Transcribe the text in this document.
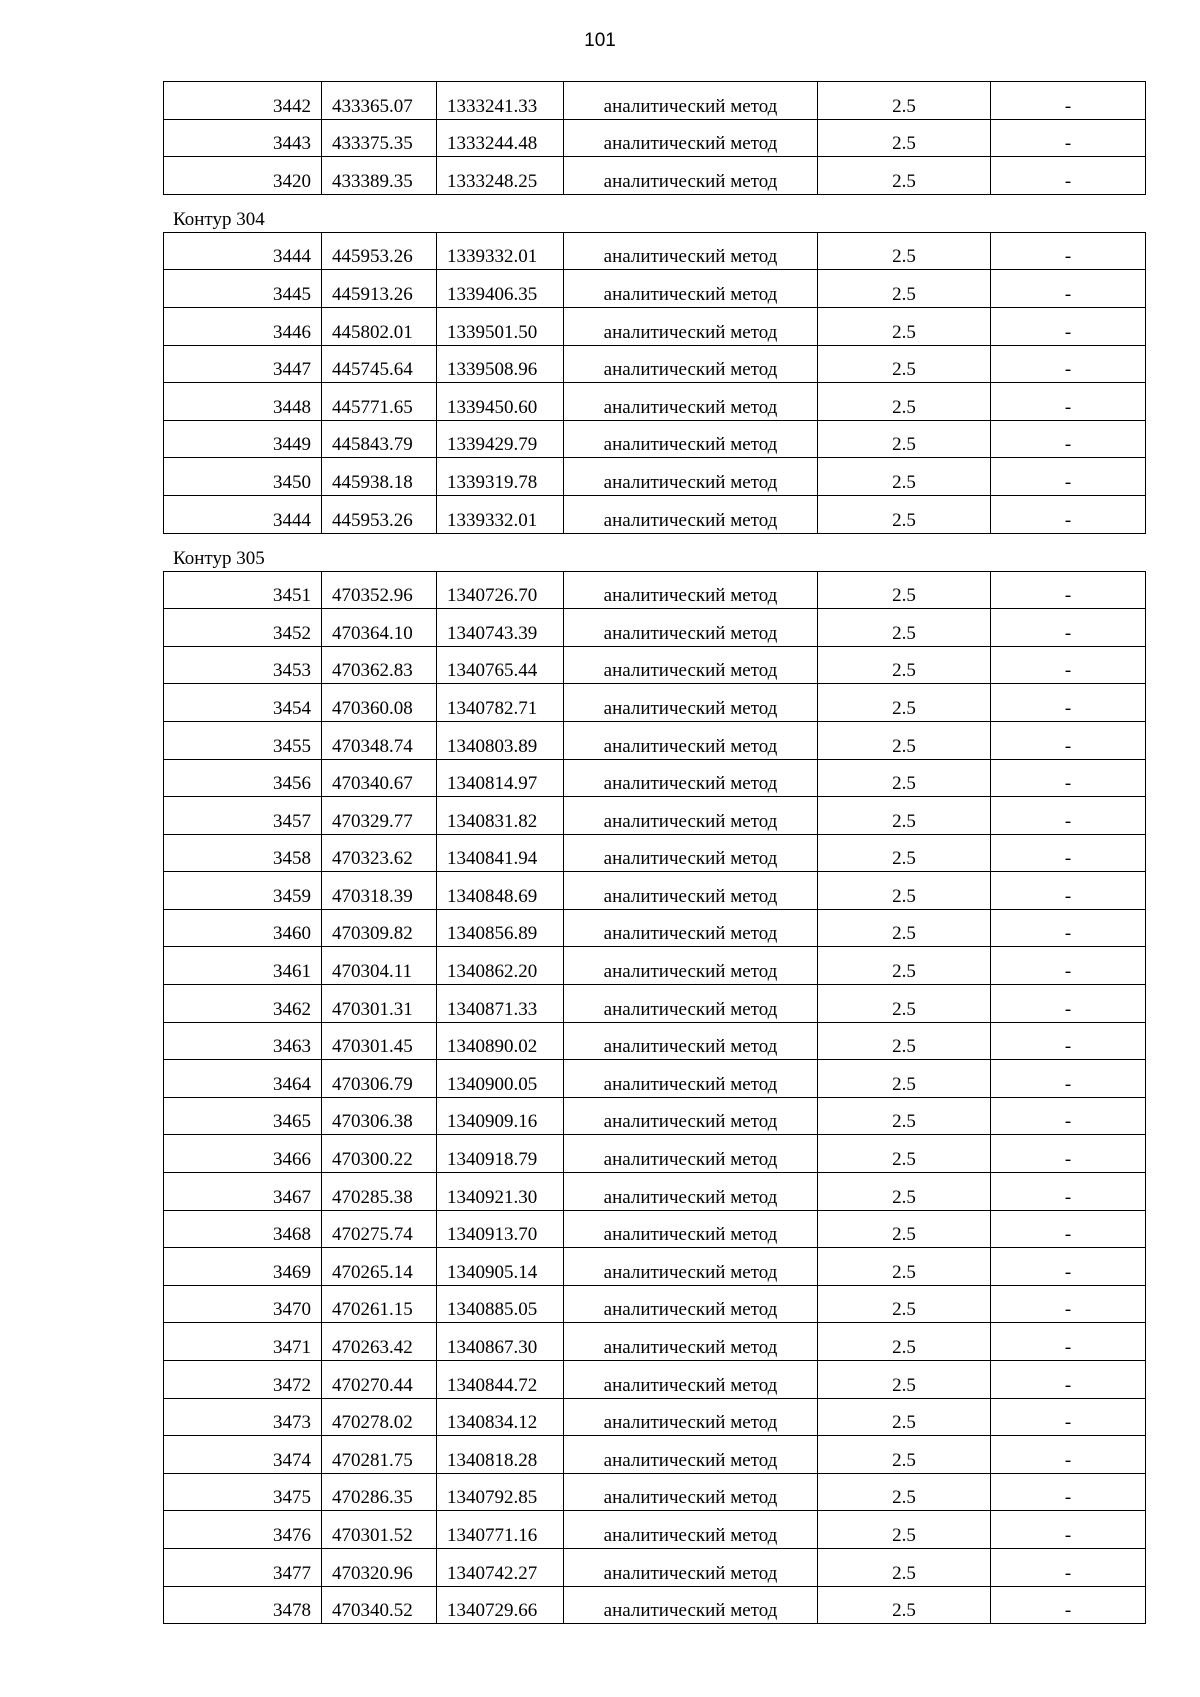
101
3442	433365.07	1333241.33	аналитический метод	2.5	-

3443	433375.35	1333244.48	аналитический метод	2.5	-

3420	433389.35	1333248.25	аналитический метод	2.5	-
Контур 304
3444	445953.26	1339332.01	аналитический метод	2.5	-

3445	445913.26	1339406.35	аналитический метод	2.5	-

3446	445802.01	1339501.50	аналитический метод	2.5	-

3447	445745.64	1339508.96	аналитический метод	2.5	-

3448	445771.65	1339450.60	аналитический метод	2.5	-

3449	445843.79	1339429.79	аналитический метод	2.5	-

3450	445938.18	1339319.78	аналитический метод	2.5	-

3444	445953.26	1339332.01	аналитический метод	2.5	-
Контур 305
3451	470352.96	1340726.70	аналитический метод	2.5	-

3452	470364.10	1340743.39	аналитический метод	2.5	-

3453	470362.83	1340765.44	аналитический метод	2.5	-

3454	470360.08	1340782.71	аналитический метод	2.5	-

3455	470348.74	1340803.89	аналитический метод	2.5	-

3456	470340.67	1340814.97	аналитический метод	2.5	-

3457	470329.77	1340831.82	аналитический метод	2.5	-

3458	470323.62	1340841.94	аналитический метод	2.5	-

3459	470318.39	1340848.69	аналитический метод	2.5	-

3460	470309.82	1340856.89	аналитический метод	2.5	-

3461	470304.11	1340862.20	аналитический метод	2.5	-

3462	470301.31	1340871.33	аналитический метод	2.5	-

3463	470301.45	1340890.02	аналитический метод	2.5	-

3464	470306.79	1340900.05	аналитический метод	2.5	-

3465	470306.38	1340909.16	аналитический метод	2.5	-

3466	470300.22	1340918.79	аналитический метод	2.5	-

3467	470285.38	1340921.30	аналитический метод	2.5	-

3468	470275.74	1340913.70	аналитический метод	2.5	-

3469	470265.14	1340905.14	аналитический метод	2.5	-

3470	470261.15	1340885.05	аналитический метод	2.5	-

3471	470263.42	1340867.30	аналитический метод	2.5	-

3472	470270.44	1340844.72	аналитический метод	2.5	-

3473	470278.02	1340834.12	аналитический метод	2.5	-

3474	470281.75	1340818.28	аналитический метод	2.5	-

3475	470286.35	1340792.85	аналитический метод	2.5	-

3476	470301.52	1340771.16	аналитический метод	2.5	-

3477	470320.96	1340742.27	аналитический метод	2.5	-

3478	470340.52	1340729.66	аналитический метод	2.5	-
